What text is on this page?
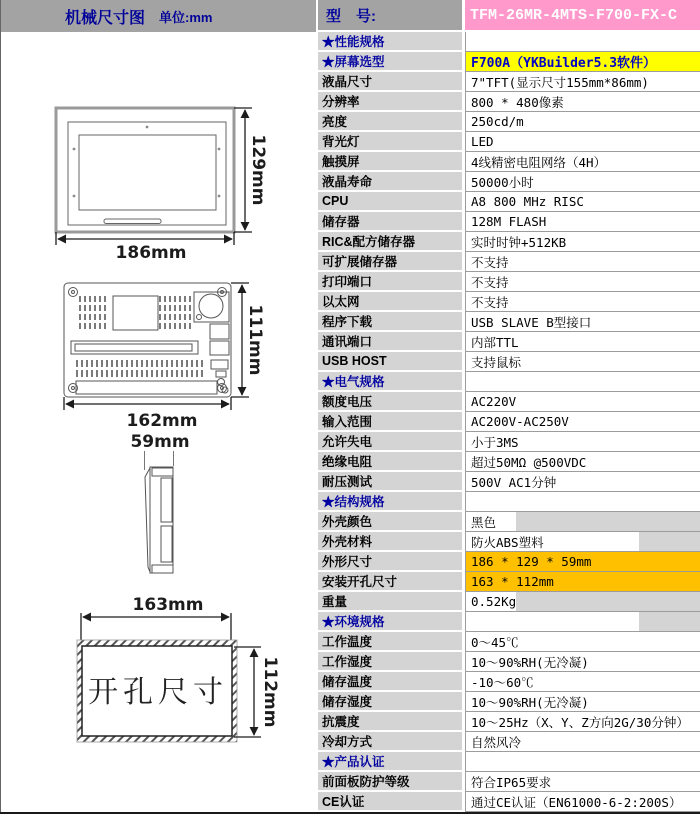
机械尺寸图 单位:mm
129mm
186mm
111mm
162mm
59mm
163mm
开孔尺寸 112mm
型　号:	TFM-26MR-4MTS-F700-FX-C
★性能规格
★屏幕选型	F700A（YKBuilder5.3软件）
液晶尺寸	7"TFT(显示尺寸155mm*86mm)
分辨率	800 * 480像素
亮度	250cd/m
背光灯	LED
触摸屏	4线精密电阻网络（4H）
液晶寿命	50000小时
CPU	A8 800 MHz RISC
储存器	128M FLASH
RIC&配方储存器	实时时钟+512KB
可扩展储存器	不支持
打印端口	不支持
以太网	不支持
程序下载	USB SLAVE B型接口
通讯端口	内部TTL
USB HOST	支持鼠标
★电气规格
额度电压	AC220V
输入范围	AC200V-AC250V
允许失电	小于3MS
绝缘电阻	超过50MΩ @500VDC
耐压测试	500V AC1分钟
★结构规格
外壳颜色	黑色
外壳材料	防火ABS塑料
外形尺寸	186 * 129 * 59mm
安装开孔尺寸	163 * 112mm
重量	0.52Kg
★环境规格
工作温度	0～45℃
工作湿度	10～90%RH(无冷凝)
储存温度	-10～60℃
储存湿度	10～90%RH(无冷凝)
抗震度	10～25Hz（X、Y、Z方向2G/30分钟）
冷却方式	自然风冷
★产品认证
前面板防护等级	符合IP65要求
CE认证	通过CE认证（EN61000-6-2:200S）
